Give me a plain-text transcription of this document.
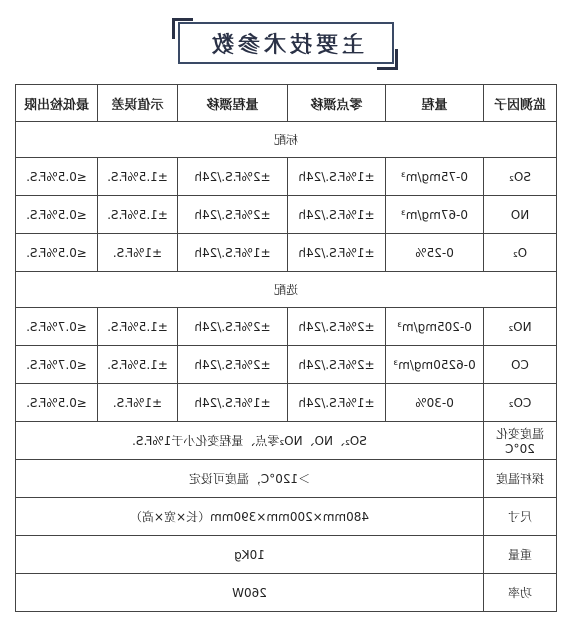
主要技术参数
监测因子	量程	零点漂移	量程漂移	示值误差	最低检出限
标配					
SO₂	0-75mg/m³	±1%F.S./24h	±2%F.S./24h	±1.5%F.S.	≤0.5%F.S.
NO	0-67mg/m³	±1%F.S./24h	±2%F.S./24h	±1.5%F.S.	≤0.5%F.S.
O₂	0-25%	±1%F.S./24h	±1%F.S./24h	±1%F.S.	≤0.5%F.S.
选配					
NO₂	0-205mg/m³	±2%F.S./24h	±2%F.S./24h	±1.5%F.S.	≤0.7%F.S.
CO	0-6250mg/m³	±2%F.S./24h	±2%F.S./24h	±1.5%F.S.	≤0.7%F.S.
CO₂	0-30%	±1%F.S./24h	±1%F.S./24h	±1%F.S.	≤0.5%F.S.
温度变化20°C	SO₂、NO、NO₂零点、量程变化小于1%F.S.				
探杆温度	＞120°C，温度可设定				
尺寸	480mm×200mm×390mm（长×宽×高）				
重量	10Kg				
功率	260W				
